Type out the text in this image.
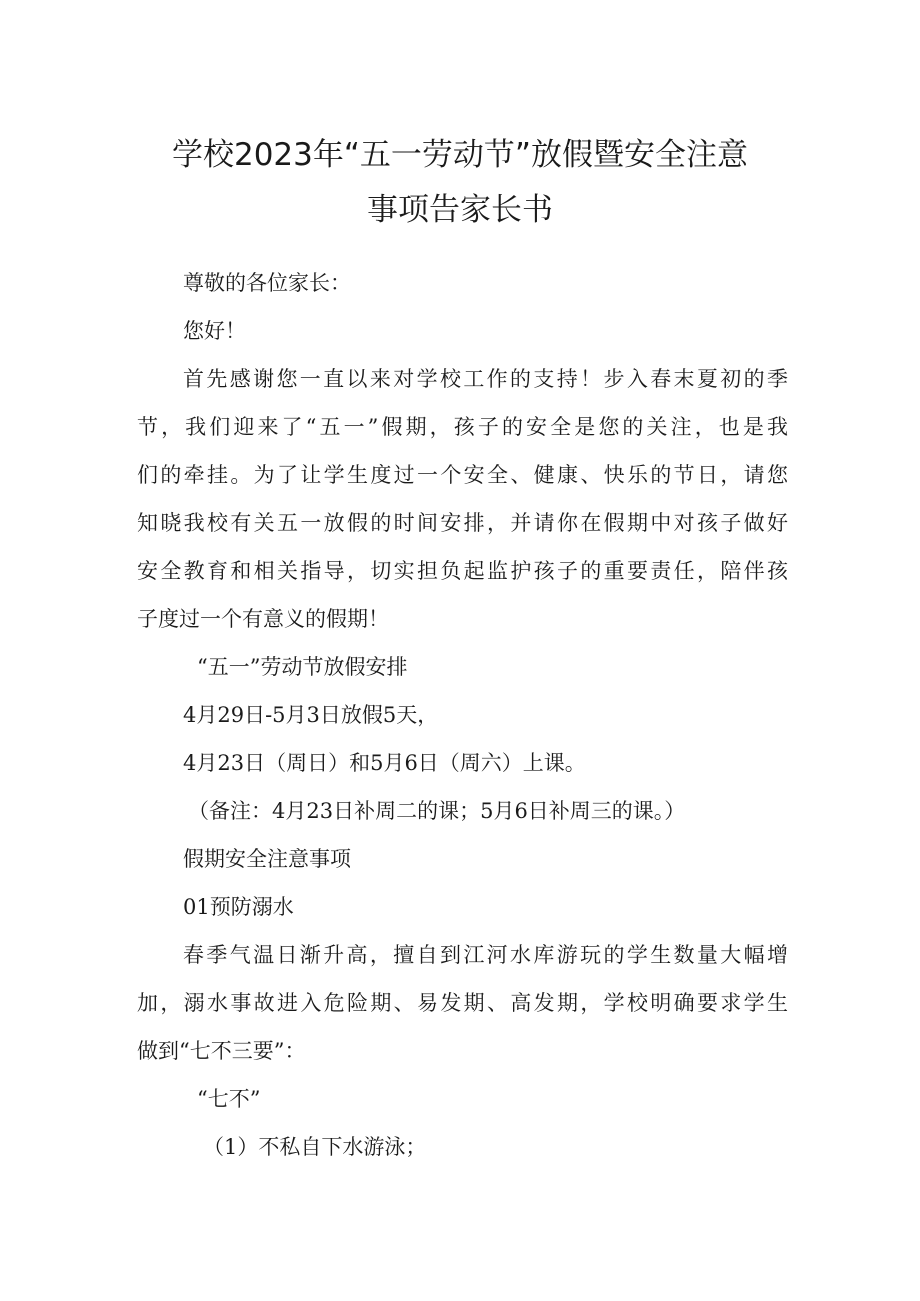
学校2023年“五一劳动节”放假暨安全注意
事项告家长书

尊敬的各位家长：

您好！

首先感谢您一直以来对学校工作的支持！步入春末夏初的季

节，我们迎来了“五一”假期，孩子的安全是您的关注，也是我

们的牵挂。为了让学生度过一个安全、健康、快乐的节日，请您

知晓我校有关五一放假的时间安排，并请你在假期中对孩子做好

安全教育和相关指导，切实担负起监护孩子的重要责任，陪伴孩

子度过一个有意义的假期！

“五一”劳动节放假安排

4月29日-5月3日放假5天，

4月23日（周日）和5月6日（周六）上课。

（备注：4月23日补周二的课；5月6日补周三的课。）

假期安全注意事项

01预防溺水

春季气温日渐升高，擅自到江河水库游玩的学生数量大幅增

加，溺水事故进入危险期、易发期、高发期，学校明确要求学生

做到“七不三要”：

“七不”

（1）不私自下水游泳；
